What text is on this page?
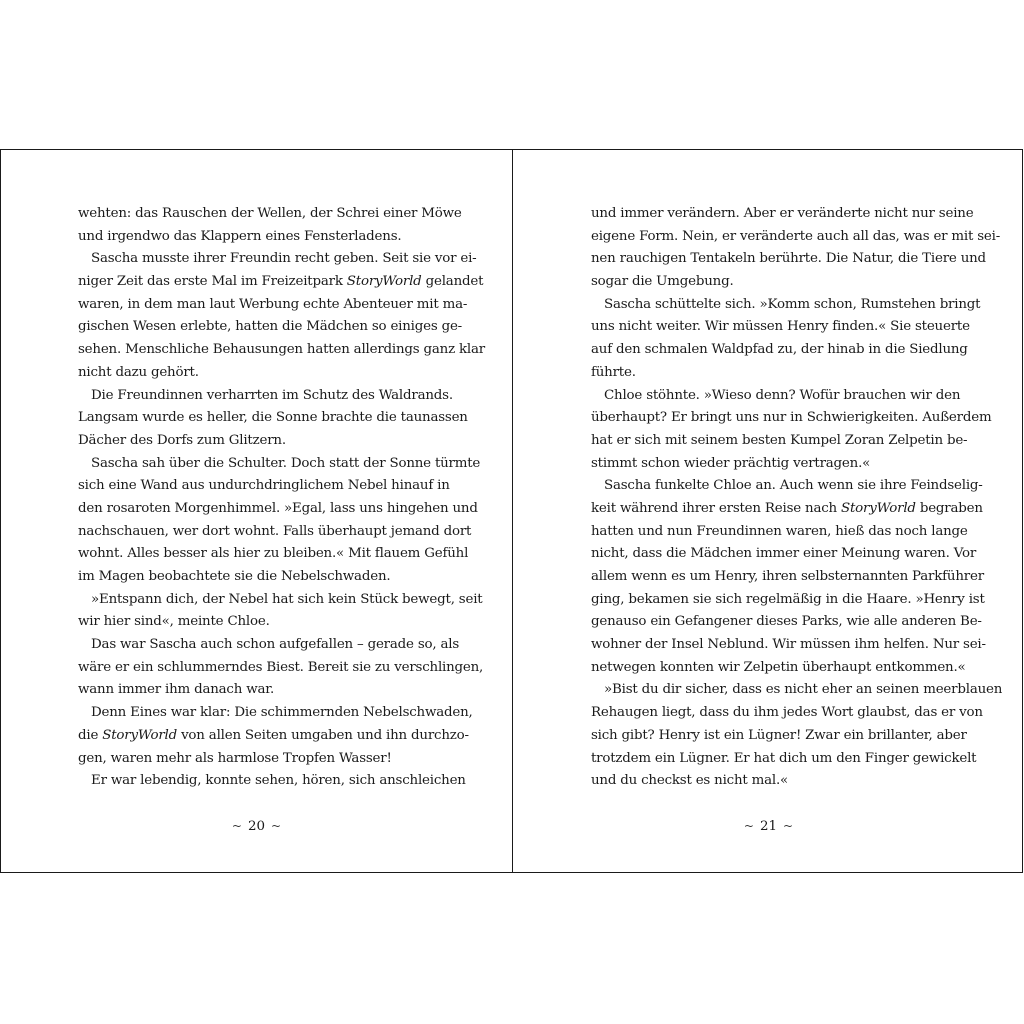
wehten: das Rauschen der Wellen, der Schrei einer Möwe
und irgendwo das Klappern eines Fensterladens.
Sascha musste ihrer Freundin recht geben. Seit sie vor ei-
niger Zeit das erste Mal im Freizeitpark StoryWorld gelandet
waren, in dem man laut Werbung echte Abenteuer mit ma-
gischen Wesen erlebte, hatten die Mädchen so einiges ge-
sehen. Menschliche Behausungen hatten allerdings ganz klar
nicht dazu gehört.
Die Freundinnen verharrten im Schutz des Waldrands.
Langsam wurde es heller, die Sonne brachte die taunassen
Dächer des Dorfs zum Glitzern.
Sascha sah über die Schulter. Doch statt der Sonne türmte
sich eine Wand aus undurchdringlichem Nebel hinauf in
den rosaroten Morgenhimmel. »Egal, lass uns hingehen und
nachschauen, wer dort wohnt. Falls überhaupt jemand dort
wohnt. Alles besser als hier zu bleiben.« Mit flauem Gefühl
im Magen beobachtete sie die Nebelschwaden.
»Entspann dich, der Nebel hat sich kein Stück bewegt, seit
wir hier sind«, meinte Chloe.
Das war Sascha auch schon aufgefallen – gerade so, als
wäre er ein schlummerndes Biest. Bereit sie zu verschlingen,
wann immer ihm danach war.
Denn Eines war klar: Die schimmernden Nebelschwaden,
die StoryWorld von allen Seiten umgaben und ihn durchzo-
gen, waren mehr als harmlose Tropfen Wasser!
Er war lebendig, konnte sehen, hören, sich anschleichen
~ 20 ~
und immer verändern. Aber er veränderte nicht nur seine
eigene Form. Nein, er veränderte auch all das, was er mit sei-
nen rauchigen Tentakeln berührte. Die Natur, die Tiere und
sogar die Umgebung.
Sascha schüttelte sich. »Komm schon, Rumstehen bringt
uns nicht weiter. Wir müssen Henry finden.« Sie steuerte
auf den schmalen Waldpfad zu, der hinab in die Siedlung
führte.
Chloe stöhnte. »Wieso denn? Wofür brauchen wir den
überhaupt? Er bringt uns nur in Schwierigkeiten. Außerdem
hat er sich mit seinem besten Kumpel Zoran Zelpetin be-
stimmt schon wieder prächtig vertragen.«
Sascha funkelte Chloe an. Auch wenn sie ihre Feindselig-
keit während ihrer ersten Reise nach StoryWorld begraben
hatten und nun Freundinnen waren, hieß das noch lange
nicht, dass die Mädchen immer einer Meinung waren. Vor
allem wenn es um Henry, ihren selbsternannten Parkführer
ging, bekamen sie sich regelmäßig in die Haare. »Henry ist
genauso ein Gefangener dieses Parks, wie alle anderen Be-
wohner der Insel Neblund. Wir müssen ihm helfen. Nur sei-
netwegen konnten wir Zelpetin überhaupt entkommen.«
»Bist du dir sicher, dass es nicht eher an seinen meerblauen
Rehaugen liegt, dass du ihm jedes Wort glaubst, das er von
sich gibt? Henry ist ein Lügner! Zwar ein brillanter, aber
trotzdem ein Lügner. Er hat dich um den Finger gewickelt
und du checkst es nicht mal.«
~ 21 ~
